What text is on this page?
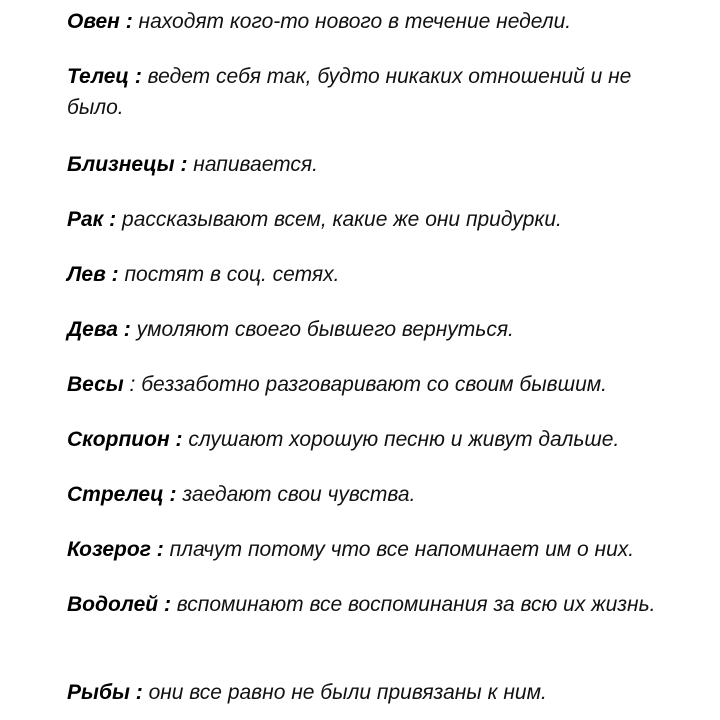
Овен : находят кого-то нового в течение недели.

Телец : ведет себя так, будто никаких отношений и не было.

Близнецы : напивается.

Рак : рассказывают всем, какие же они придурки.

Лев : постят в соц. сетях.

Дева : умоляют своего бывшего вернуться.

Весы : беззаботно разговаривают со своим бывшим.

Скорпион : слушают хорошую песню и живут дальше.

Стрелец : заедают свои чувства.

Козерог : плачут потому что все напоминает им о них.

Водолей : вспоминают все воспоминания за всю их жизнь.

Рыбы : они все равно не были привязаны к ним.
